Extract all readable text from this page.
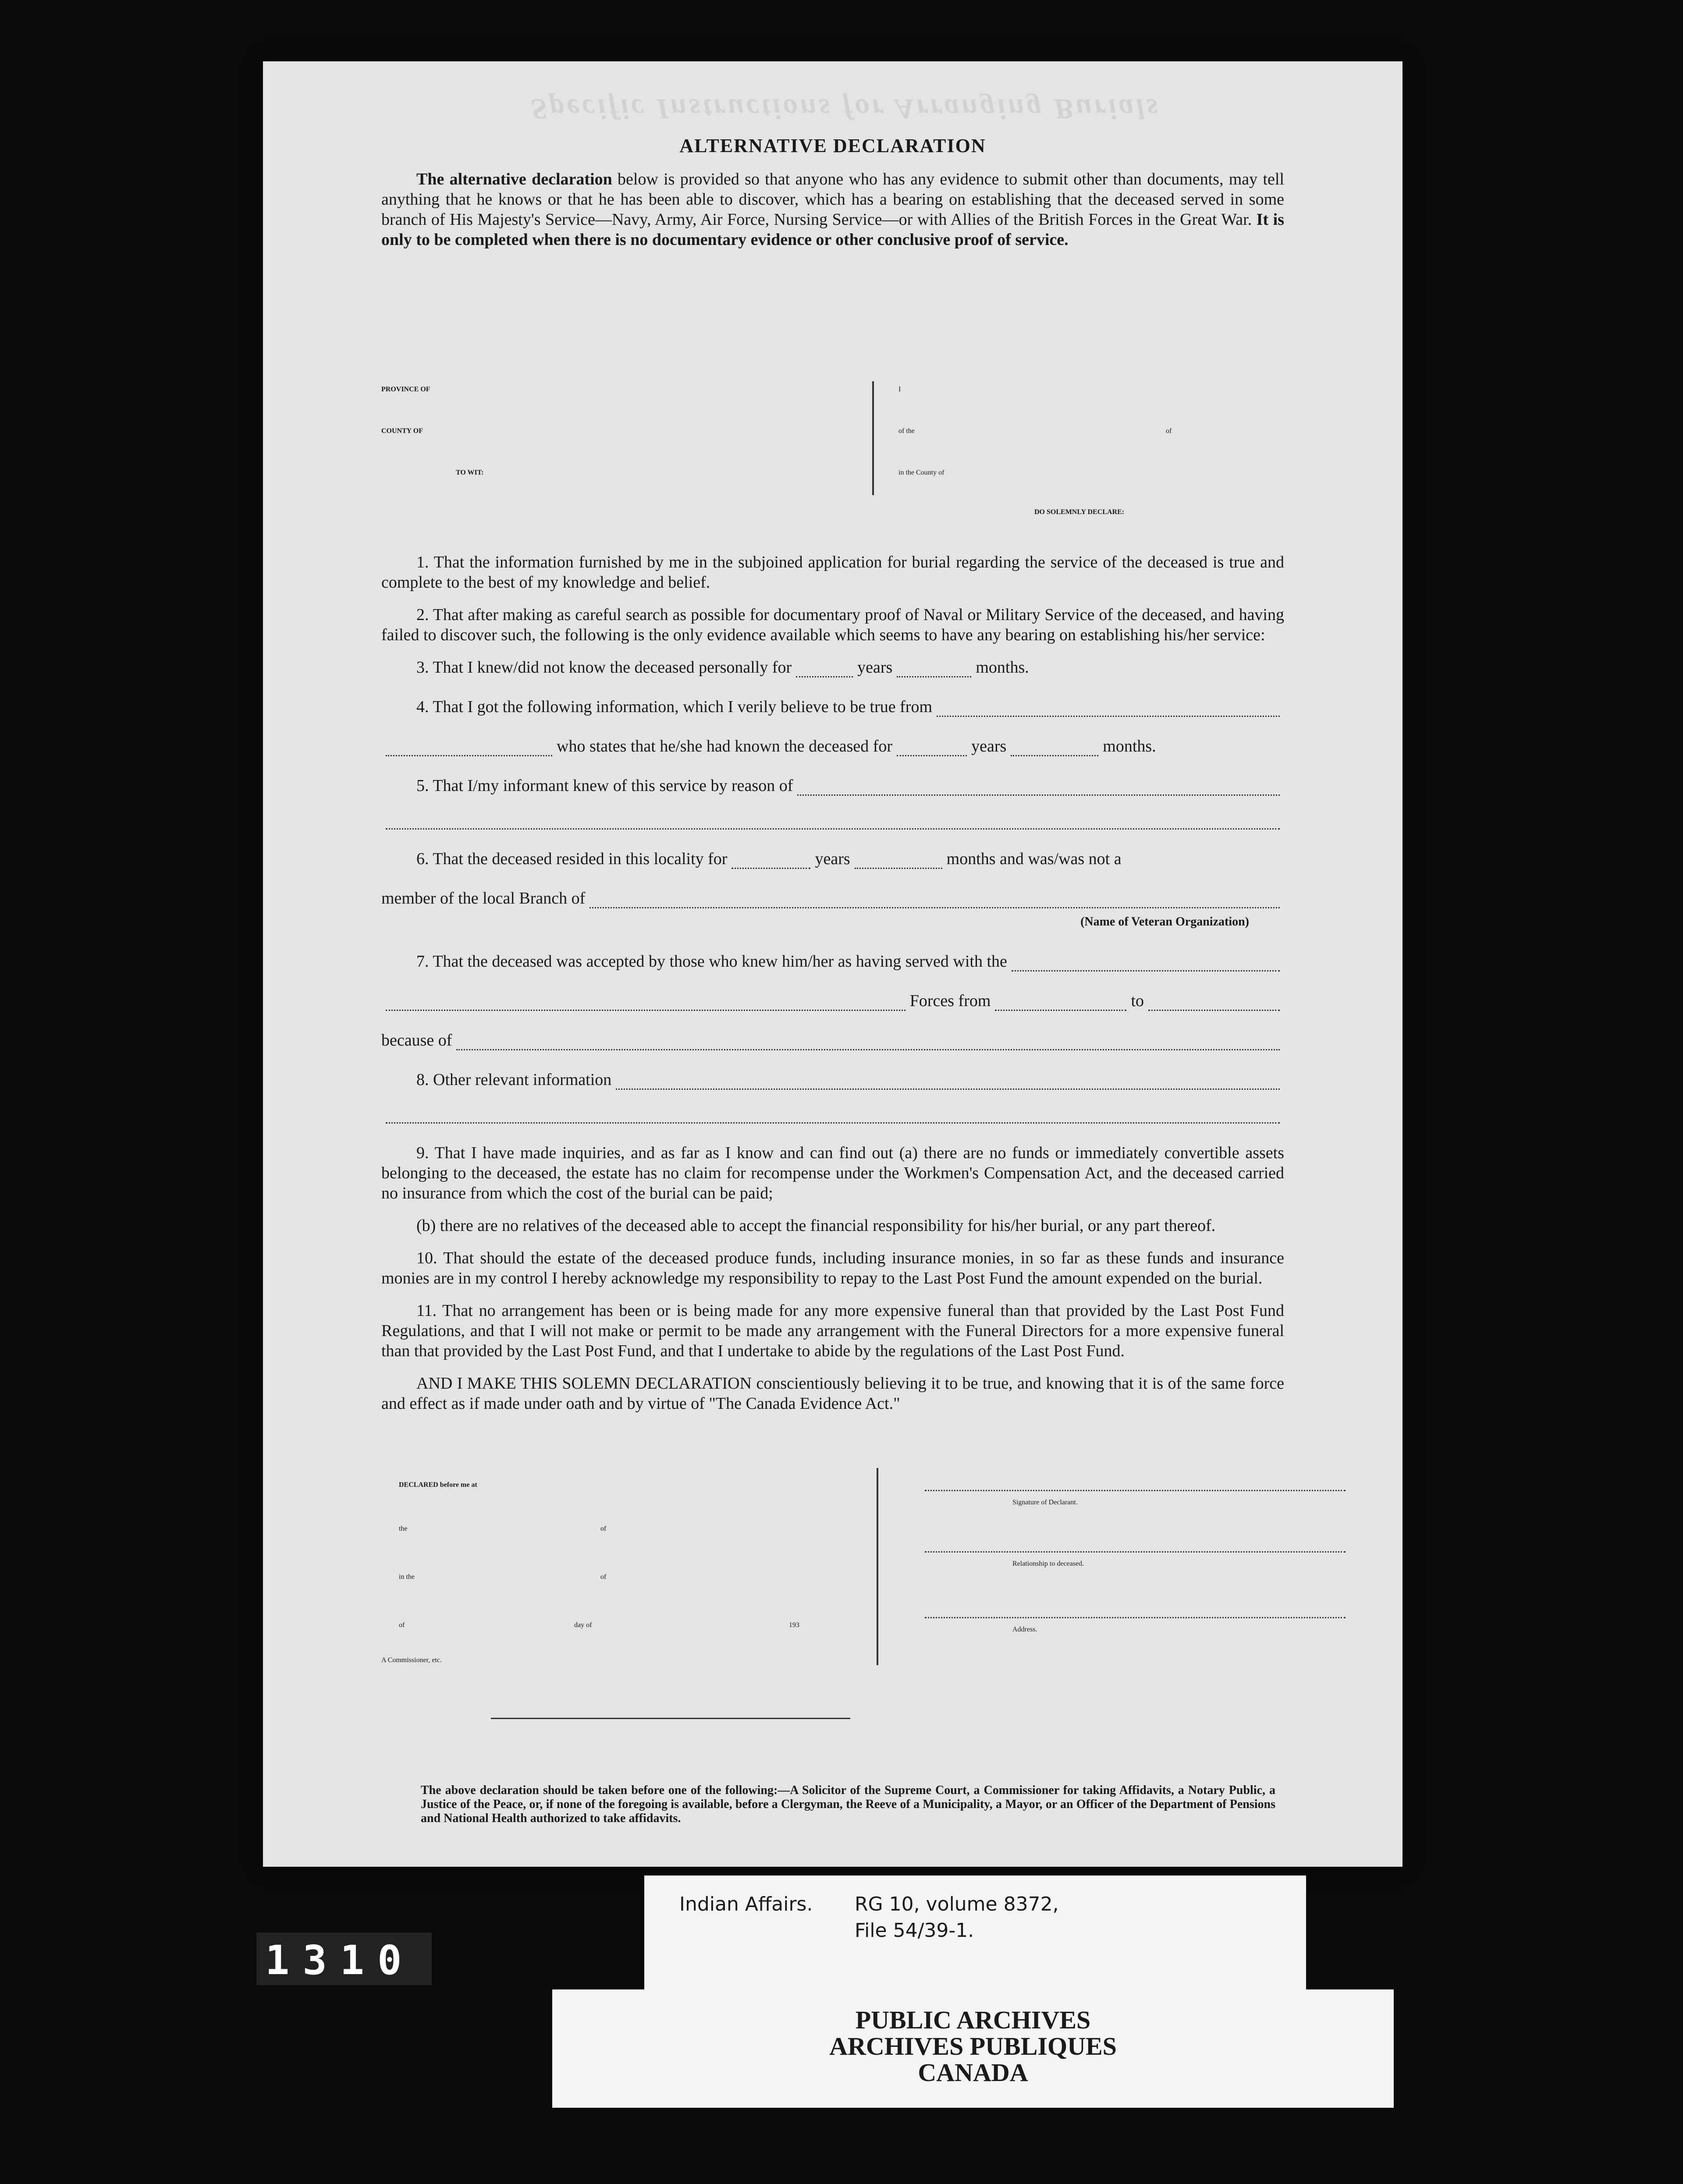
Specific Instructions for Arranging Burials
ALTERNATIVE DECLARATION

The alternative declaration below is provided so that anyone who has any evidence to submit other than documents, may tell anything that he knows or that he has been able to discover, which has a bearing on establishing that the deceased served in some branch of His Majesty's Service—Navy, Army, Air Force, Nursing Service—or with Allies of the British Forces in the Great War. It is only to be completed when there is no documentary evidence or other conclusive proof of service.

PROVINCE OF
COUNTY OF
TO WIT:
I
of the	of
in the County of
DO SOLEMNLY DECLARE:

1. That the information furnished by me in the subjoined application for burial regarding the service of the deceased is true and complete to the best of my knowledge and belief.

2. That after making as careful search as possible for documentary proof of Naval or Military Service of the deceased, and having failed to discover such, the following is the only evidence available which seems to have any bearing on establishing his/her service:

3. That I knew/did not know the deceased personally for	years	months.
4. That I got the following information, which I verily believe to be true from
who states that he/she had known the deceased for	years	months.
5. That I/my informant knew of this service by reason of
6. That the deceased resided in this locality for	years	months and was/was not a
member of the local Branch of
(Name of Veteran Organization)
7. That the deceased was accepted by those who knew him/her as having served with the
Forces from	to
because of
8. Other relevant information

9. That I have made inquiries, and as far as I know and can find out (a) there are no funds or immediately convertible assets belonging to the deceased, the estate has no claim for recompense under the Workmen's Compensation Act, and the deceased carried no insurance from which the cost of the burial can be paid;

(b) there are no relatives of the deceased able to accept the financial responsibility for his/her burial, or any part thereof.

10. That should the estate of the deceased produce funds, including insurance monies, in so far as these funds and insurance monies are in my control I hereby acknowledge my responsibility to repay to the Last Post Fund the amount expended on the burial.

11. That no arrangement has been or is being made for any more expensive funeral than that provided by the Last Post Fund Regulations, and that I will not make or permit to be made any arrangement with the Funeral Directors for a more expensive funeral than that provided by the Last Post Fund, and that I undertake to abide by the regulations of the Last Post Fund.

AND I MAKE THIS SOLEMN DECLARATION conscientiously believing it to be true, and knowing that it is of the same force and effect as if made under oath and by virtue of "The Canada Evidence Act."

DECLARED before me at
the	of
in the	of
of	day of	193
A Commissioner, etc.
Signature of Declarant.
Relationship to deceased.
Address.
The above declaration should be taken before one of the following:—A Solicitor of the Supreme Court, a Commissioner for taking Affidavits, a Notary Public, a Justice of the Peace, or, if none of the foregoing is available, before a Clergyman, the Reeve of a Municipality, a Mayor, or an Officer of the Department of Pensions and National Health authorized to take affidavits.
Indian Affairs. RG 10, volume 8372,
File 54/39-1.
PUBLIC ARCHIVES
ARCHIVES PUBLIQUES
CANADA
1310
